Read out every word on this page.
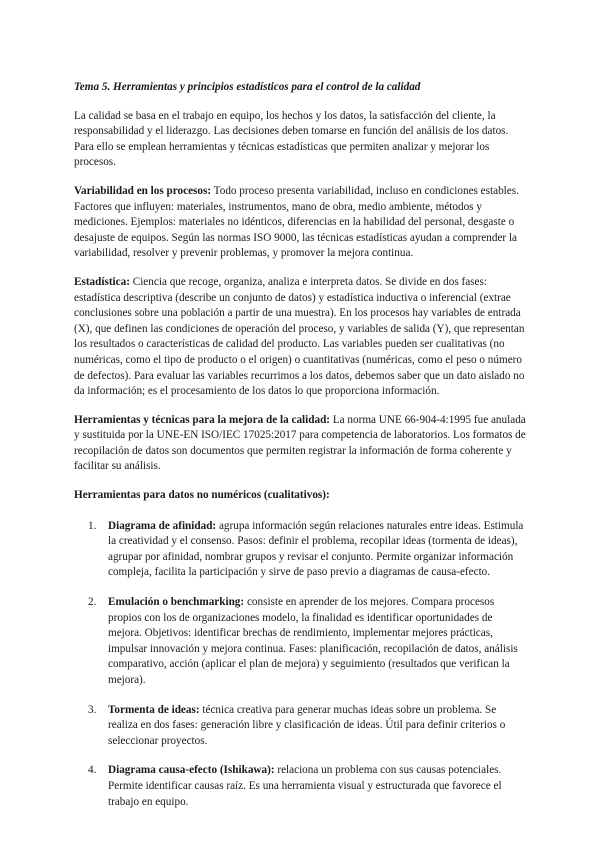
Tema 5. Herramientas y principios estadísticos para el control de la calidad

La calidad se basa en el trabajo en equipo, los hechos y los datos, la satisfacción del cliente, la responsabilidad y el liderazgo. Las decisiones deben tomarse en función del análisis de los datos. Para ello se emplean herramientas y técnicas estadísticas que permiten analizar y mejorar los procesos.

Variabilidad en los procesos: Todo proceso presenta variabilidad, incluso en condiciones estables. Factores que influyen: materiales, instrumentos, mano de obra, medio ambiente, métodos y mediciones. Ejemplos: materiales no idénticos, diferencias en la habilidad del personal, desgaste o desajuste de equipos. Según las normas ISO 9000, las técnicas estadísticas ayudan a comprender la variabilidad, resolver y prevenir problemas, y promover la mejora continua.

Estadística: Ciencia que recoge, organiza, analiza e interpreta datos. Se divide en dos fases: estadística descriptiva (describe un conjunto de datos) y estadística inductiva o inferencial (extrae conclusiones sobre una población a partir de una muestra). En los procesos hay variables de entrada (X), que definen las condiciones de operación del proceso, y variables de salida (Y), que representan los resultados o características de calidad del producto. Las variables pueden ser cualitativas (no numéricas, como el tipo de producto o el origen) o cuantitativas (numéricas, como el peso o número de defectos). Para evaluar las variables recurrimos a los datos, debemos saber que un dato aislado no da información; es el procesamiento de los datos lo que proporciona información.

Herramientas y técnicas para la mejora de la calidad: La norma UNE 66-904-4:1995 fue anulada y sustituida por la UNE-EN ISO/IEC 17025:2017 para competencia de laboratorios. Los formatos de recopilación de datos son documentos que permiten registrar la información de forma coherente y facilitar su análisis.

Herramientas para datos no numéricos (cualitativos):
1. Diagrama de afinidad: agrupa información según relaciones naturales entre ideas. Estimula la creatividad y el consenso. Pasos: definir el problema, recopilar ideas (tormenta de ideas), agrupar por afinidad, nombrar grupos y revisar el conjunto. Permite organizar información compleja, facilita la participación y sirve de paso previo a diagramas de causa-efecto.
2. Emulación o benchmarking: consiste en aprender de los mejores. Compara procesos propios con los de organizaciones modelo, la finalidad es identificar oportunidades de mejora. Objetivos: identificar brechas de rendimiento, implementar mejores prácticas, impulsar innovación y mejora continua. Fases: planificación, recopilación de datos, análisis comparativo, acción (aplicar el plan de mejora) y seguimiento (resultados que verifican la mejora).
3. Tormenta de ideas: técnica creativa para generar muchas ideas sobre un problema. Se realiza en dos fases: generación libre y clasificación de ideas. Útil para definir criterios o seleccionar proyectos.
4. Diagrama causa-efecto (Ishikawa): relaciona un problema con sus causas potenciales. Permite identificar causas raíz. Es una herramienta visual y estructurada que favorece el trabajo en equipo.
